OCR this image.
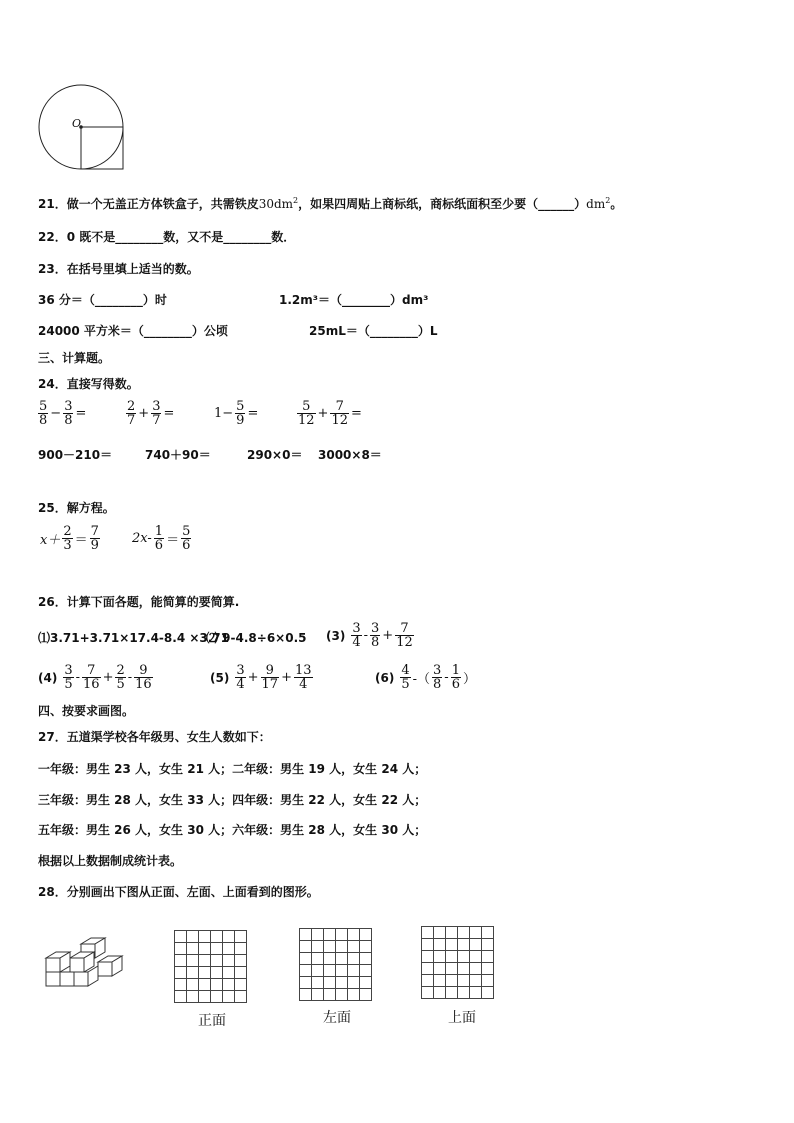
O
21．做一个无盖正方体铁盒子，共需铁皮$30dm^2$，如果四周贴上商标纸，商标纸面积至少要$(\_\_\_\_\_\_)dm^2$。
22．0 既不是________数，又不是________数．
23．在括号里填上适当的数。
36 分＝（________）时	1.2m³＝（________）dm³
24000 平方米＝（________）公顷	25mL＝（________）L
三、计算题。
24．直接写得数。
$\frac{5}{8} - \frac{3}{8}$ =	$\frac{2}{7} + \frac{3}{7}$ =	$1- \frac{5}{9}$ =	$\frac{5}{12} + \frac{7}{12}$ =
900－210＝	740＋90＝	290×0＝ 3000×8＝
25．解方程。
$x+ \frac{2}{3} = \frac{7}{9} 2x- \frac{1}{6} = \frac{5}{6}$
26．计算下面各题，能简算的要简算.
⑴3.71+3.71×17.4-8.4 ×3.71
⑵ 9-4.8÷6×0.5 $(3) \frac{3}{4} - \frac{3}{8} + \frac{7}{12}$
$(4) \frac{3}{5} - \frac{7}{16} + \frac{2}{5} - \frac{9}{16}$	$(5) \frac{3}{4} + \frac{9}{17} + \frac{13}{4}$	$(6) \frac{4}{5}$ -（ $\frac{3}{8} - \frac{1}{6}$ ）
四、按要求画图。
27．五道渠学校各年级男、女生人数如下：
一年级：男生 23 人，女生 21 人；二年级：男生 19 人，女生 24 人；
三年级：男生 28 人，女生 33 人；四年级：男生 22 人，女生 22 人；
五年级：男生 26 人，女生 30 人；六年级：男生 28 人，女生 30 人；
根据以上数据制成统计表。
28．分别画出下图从正面、左面、上面看到的图形。

正面	左面	上面
